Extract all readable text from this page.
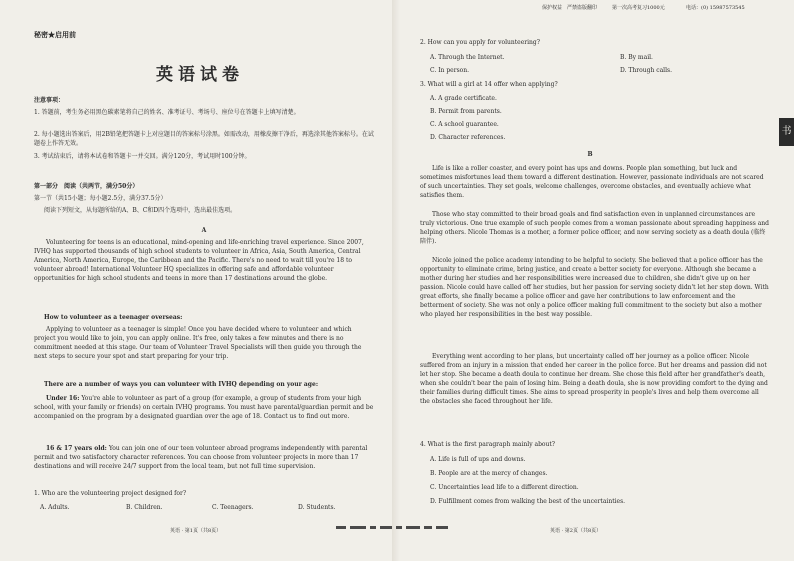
秘密★启用前
英语试卷

注意事项：

1. 答题前，考生务必用黑色碳素笔将自己的姓名、准考证号、考场号、座位号在答题卡上填写清楚。

2. 每小题选出答案后，用2B铅笔把答题卡上对应题目的答案标号涂黑。如需改动，用橡皮擦干净后，再选涂其他答案标号。在试题卷上作答无效。

3. 考试结束后，请将本试卷和答题卡一并交回。满分120分，考试用时100分钟。

第一部分　阅读（共两节，满分50分）

第一节（共15小题；每小题2.5分，满分37.5分）

阅读下列短文，从每题所给的A、B、C和D四个选项中，选出最佳选项。

A

Volunteering for teens is an educational, mind-opening and life-enriching travel experience. Since 2007, IVHQ has supported thousands of high school students to volunteer in Africa, Asia, South America, Central America, North America, Europe, the Caribbean and the Pacific. There's no need to wait till you're 18 to volunteer abroad! International Volunteer HQ specializes in offering safe and affordable volunteer opportunities for high school students and teens in more than 17 destinations around the globe.

How to volunteer as a teenager overseas:

Applying to volunteer as a teenager is simple! Once you have decided where to volunteer and which project you would like to join, you can apply online. It's free, only takes a few minutes and there is no commitment needed at this stage. Our team of Volunteer Travel Specialists will then guide you through the next steps to secure your spot and start preparing for your trip.

There are a number of ways you can volunteer with IVHQ depending on your age:

Under 16: You're able to volunteer as part of a group (for example, a group of students from your high school, with your family or friends) on certain IVHQ programs. You must have parental/guardian permit and be accompanied on the program by a designated guardian over the age of 18. Contact us to find out more.

16 & 17 years old: You can join one of our teen volunteer abroad programs independently with parental permit and two satisfactory character references. You can choose from volunteer projects in more than 17 destinations and will receive 24/7 support from the local team, but not full time supervision.

1. Who are the volunteering project designed for?

A. Adults.	B. Children.	C. Teenagers.	D. Students.
英语 · 第1页（共8页）
保护权益　严禁盗版翻印	第一次高考复习1000元	电话：(0) 15987573545

2. How can you apply for volunteering?

A. Through the Internet.	B. By mail.
C. In person.	D. Through calls.

3. What will a girl at 14 offer when applying?

A. A grade certificate.
B. Permit from parents.
C. A school guarantee.
D. Character references.

B

Life is like a roller coaster, and every point has ups and downs. People plan something, but luck and sometimes misfortunes lead them toward a different destination. However, passionate individuals are not scared of such uncertainties. They set goals, welcome challenges, overcome obstacles, and eventually achieve what satisfies them.

Those who stay committed to their broad goals and find satisfaction even in unplanned circumstances are truly victorious. One true example of such people comes from a woman passionate about spreading happiness and helping others. Nicole Thomas is a mother, a former police officer, and now serving society as a death doula (临终陪伴).

Nicole joined the police academy intending to be helpful to society. She believed that a police officer has the opportunity to eliminate crime, bring justice, and create a better society for everyone. Although she became a mother during her studies and her responsibilities were increased due to children, she didn't give up on her passion. Nicole could have called off her studies, but her passion for serving society didn't let her step down. With great efforts, she finally became a police officer and gave her contributions to law enforcement and the betterment of society. She was not only a police officer making full commitment to the society but also a mother who played her responsibilities in the best way possible.

Everything went according to her plans, but uncertainty called off her journey as a police officer. Nicole suffered from an injury in a mission that ended her career in the police force. But her dreams and passion did not let her stop. She became a death doula to continue her dream. She chose this field after her grandfather's death, when she couldn't bear the pain of losing him. Being a death doula, she is now providing comfort to the dying and their families during difficult times. She aims to spread prosperity in people's lives and help them overcome all the obstacles she faced throughout her life.

4. What is the first paragraph mainly about?

A. Life is full of ups and downs.
B. People are at the mercy of changes.
C. Uncertainties lead life to a different direction.
D. Fulfillment comes from walking the best of the uncertainties.
英语 · 第2页（共8页）
书
